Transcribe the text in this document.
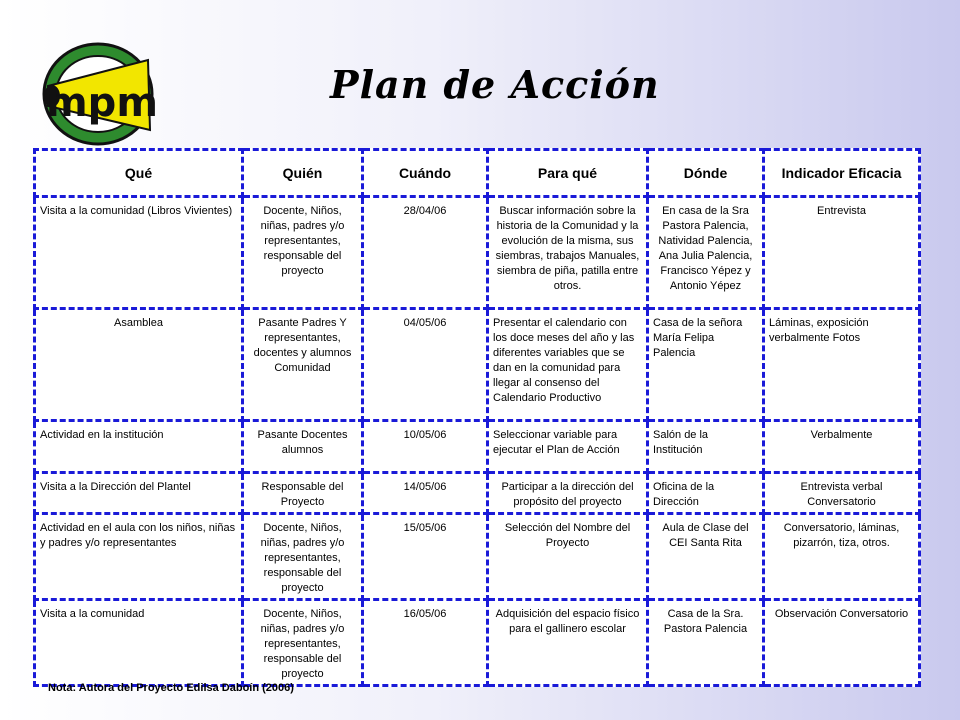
mpm	Plan de Acción
Qué	Quién	Cuándo	Para qué	Dónde	Indicador Eficacia
Visita a la comunidad (Libros Vivientes)	Docente, Niños, niñas, padres y/o representantes, responsable del proyecto	28/04/06	Buscar información sobre la historia de la Comunidad y la evolución de la misma, sus siembras, trabajos Manuales, siembra de piña, patilla entre otros.	En casa de la Sra Pastora Palencia, Natividad Palencia, Ana Julia Palencia, Francisco Yépez y Antonio Yépez	Entrevista
Asamblea	Pasante Padres Y representantes, docentes y alumnos Comunidad	04/05/06	Presentar el calendario con los doce meses del año y las diferentes variables que se dan en la comunidad para llegar al consenso del Calendario Productivo	Casa de la señora María Felipa Palencia	Láminas, exposición verbalmente Fotos
Actividad en la institución	Pasante Docentes alumnos	10/05/06	Seleccionar variable para ejecutar el Plan de Acción	Salón de la Institución	Verbalmente
Visita a la Dirección del Plantel	Responsable del Proyecto	14/05/06	Participar a la dirección del propósito del proyecto	Oficina de la Dirección	Entrevista verbal Conversatorio
Actividad en el aula con los niños, niñas y padres y/o representantes	Docente, Niños, niñas, padres y/o representantes, responsable del proyecto	15/05/06	Selección del Nombre del Proyecto	Aula de Clase del CEI Santa Rita	Conversatorio, láminas, pizarrón, tiza, otros.
Visita a la comunidad	Docente, Niños, niñas, padres y/o representantes, responsable del proyecto	16/05/06	Adquisición del espacio físico para el gallinero escolar	Casa de la Sra. Pastora Palencia	Observación Conversatorio

Nota: Autora del Proyecto Edilsa Daboín (2006)
